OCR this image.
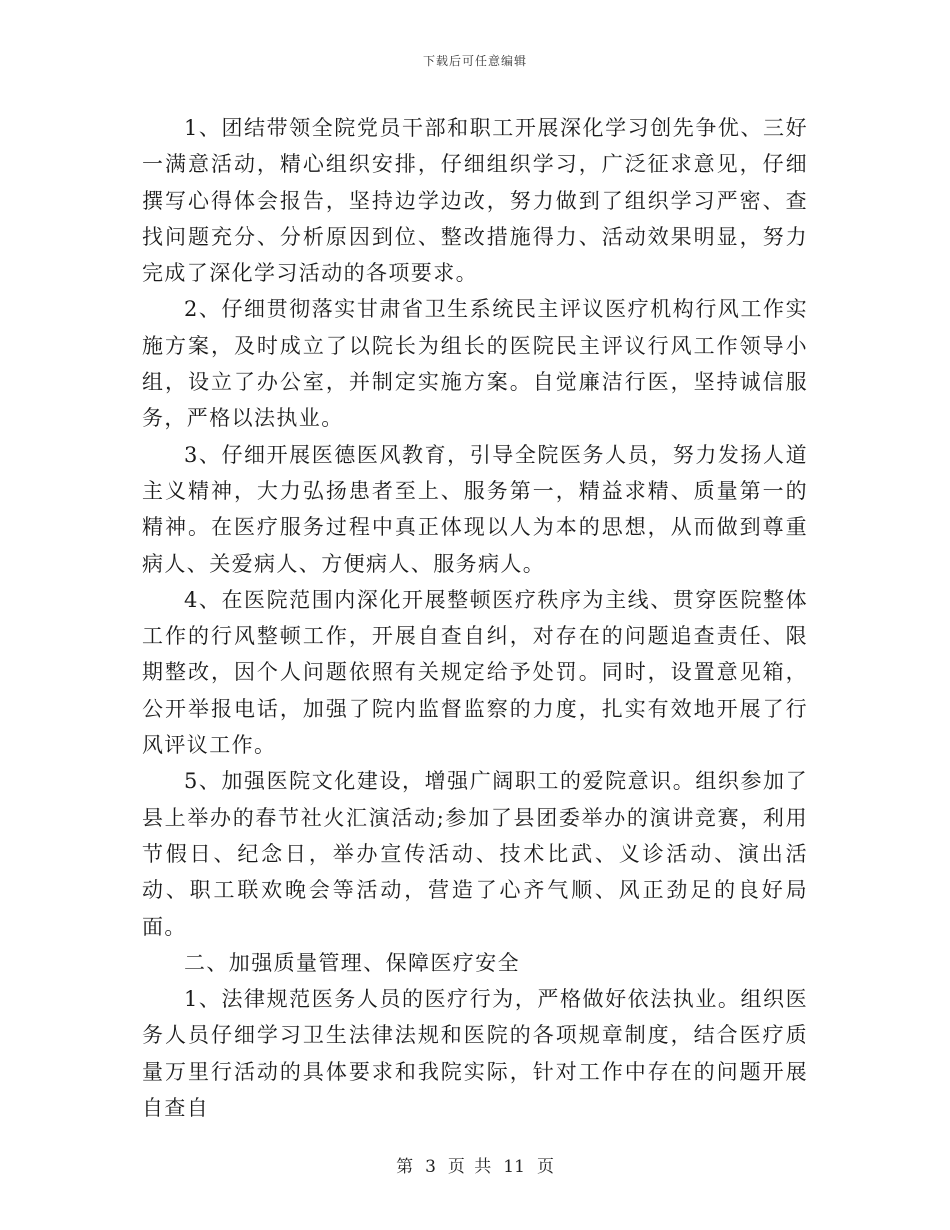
下载后可任意编辑

1、团结带领全院党员干部和职工开展深化学习创先争优、三好一满意活动，精心组织安排，仔细组织学习，广泛征求意见，仔细撰写心得体会报告，坚持边学边改，努力做到了组织学习严密、查找问题充分、分析原因到位、整改措施得力、活动效果明显，努力完成了深化学习活动的各项要求。

2、仔细贯彻落实甘肃省卫生系统民主评议医疗机构行风工作实施方案，及时成立了以院长为组长的医院民主评议行风工作领导小组，设立了办公室，并制定实施方案。自觉廉洁行医，坚持诚信服务，严格以法执业。

3、仔细开展医德医风教育，引导全院医务人员，努力发扬人道主义精神，大力弘扬患者至上、服务第一，精益求精、质量第一的精神。在医疗服务过程中真正体现以人为本的思想，从而做到尊重病人、关爱病人、方便病人、服务病人。

4、在医院范围内深化开展整顿医疗秩序为主线、贯穿医院整体工作的行风整顿工作，开展自查自纠，对存在的问题追查责任、限期整改，因个人问题依照有关规定给予处罚。同时，设置意见箱，公开举报电话，加强了院内监督监察的力度，扎实有效地开展了行风评议工作。

5、加强医院文化建设，增强广阔职工的爱院意识。组织参加了县上举办的春节社火汇演活动;参加了县团委举办的演讲竞赛，利用节假日、纪念日，举办宣传活动、技术比武、义诊活动、演出活动、职工联欢晚会等活动，营造了心齐气顺、风正劲足的良好局面。

二、加强质量管理、保障医疗安全

1、法律规范医务人员的医疗行为，严格做好依法执业。组织医务人员仔细学习卫生法律法规和医院的各项规章制度，结合医疗质量万里行活动的具体要求和我院实际，针对工作中存在的问题开展自查自

第 3 页 共 11 页
